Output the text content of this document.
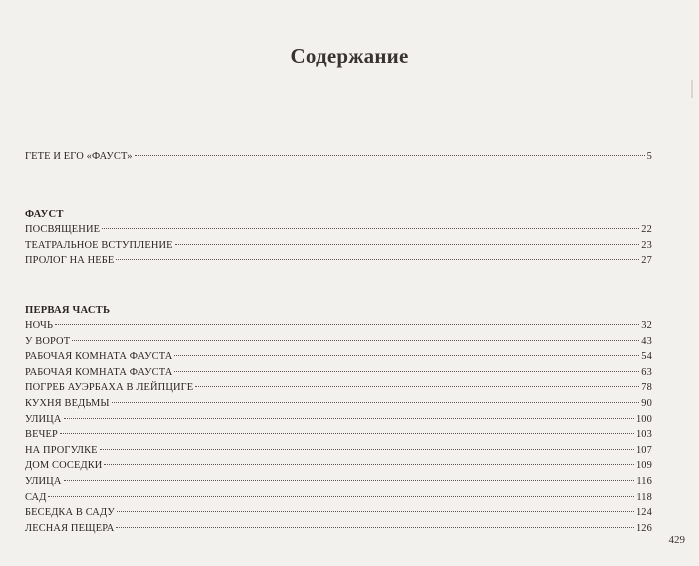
Содержание
ГЕТЕ И ЕГО «ФАУСТ»	5
ФАУСТ
ПОСВЯЩЕНИЕ	22
ТЕАТРАЛЬНОЕ ВСТУПЛЕНИЕ	23
ПРОЛОГ НА НЕБЕ	27
ПЕРВАЯ ЧАСТЬ
НОЧЬ	32
У ВОРОТ	43
РАБОЧАЯ КОМНАТА ФАУСТА	54
РАБОЧАЯ КОМНАТА ФАУСТА	63
ПОГРЕБ АУЭРБАХА В ЛЕЙПЦИГЕ	78
КУХНЯ ВЕДЬМЫ	90
УЛИЦА	100
ВЕЧЕР	103
НА ПРОГУЛКЕ	107
ДОМ СОСЕДКИ	109
УЛИЦА	116
САД	118
БЕСЕДКА В САДУ	124
ЛЕСНАЯ ПЕЩЕРА	126
429
